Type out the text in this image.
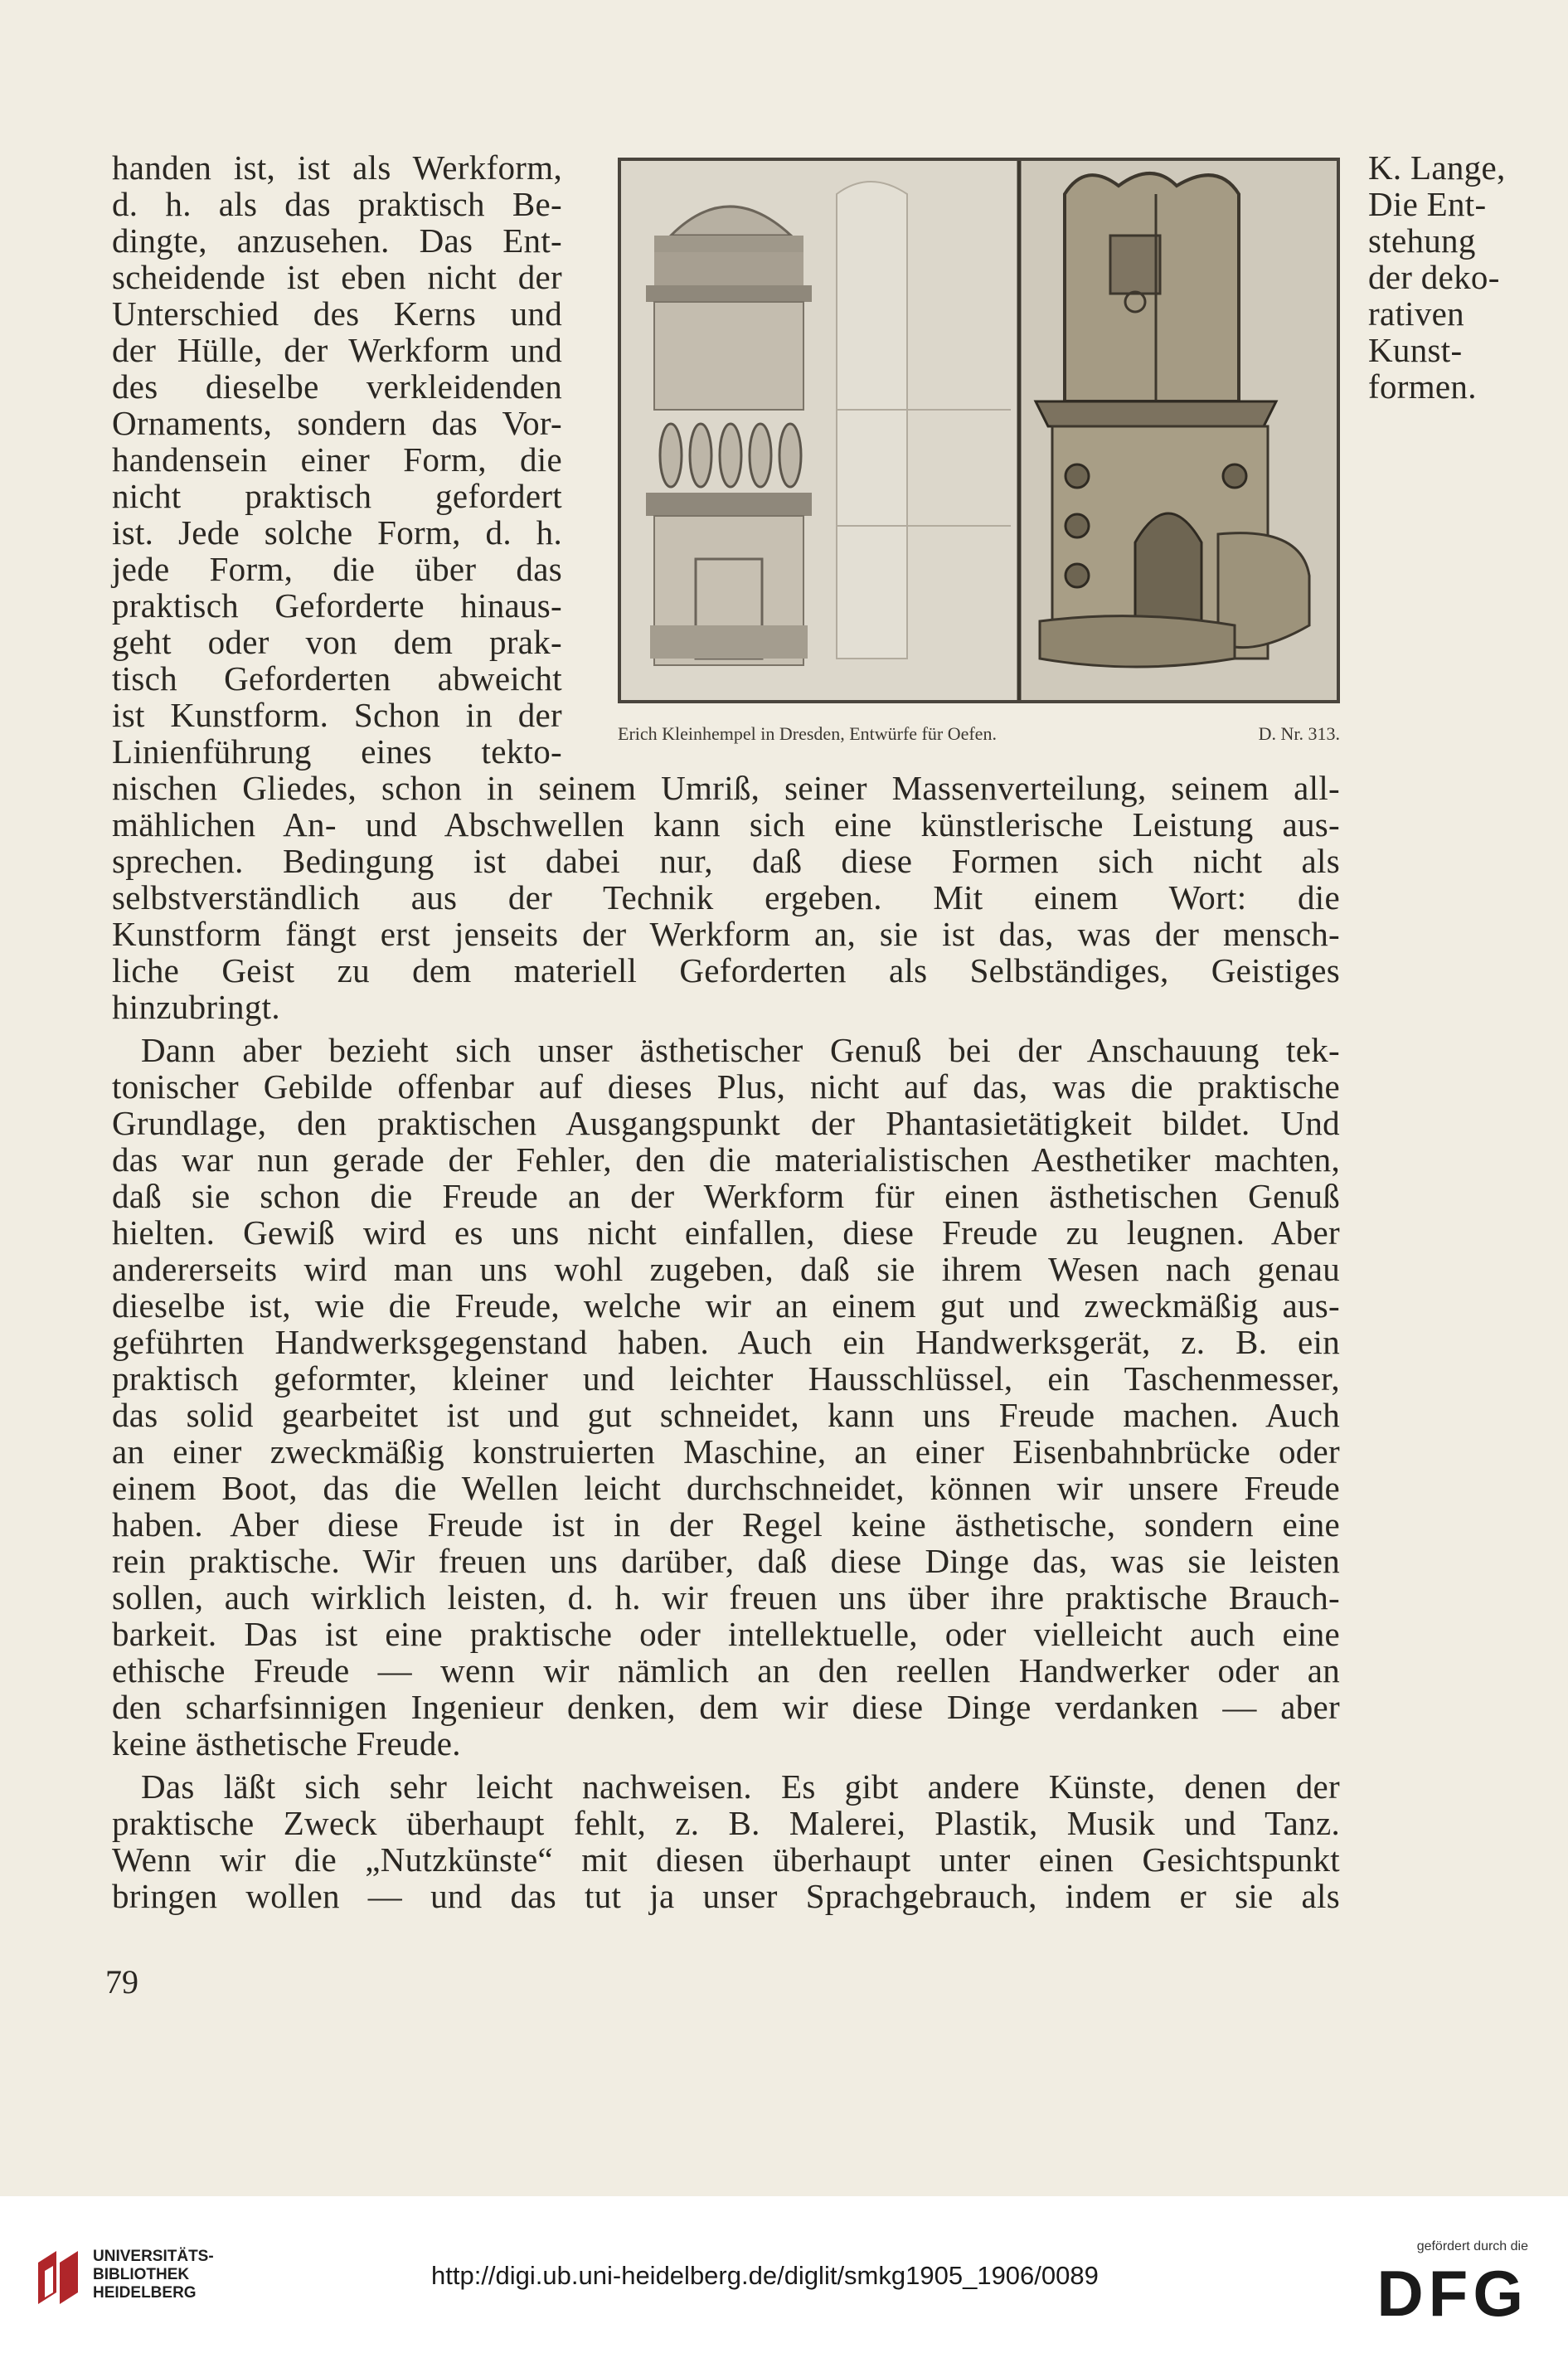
handen ist, ist als Werkform,
d. h. als das praktisch Be-
dingte, anzusehen. Das Ent-
scheidende ist eben nicht der
Unterschied des Kerns und
der Hülle, der Werkform und
des dieselbe verkleidenden
Ornaments, sondern das Vor-
handensein einer Form, die
nicht praktisch gefordert
ist. Jede solche Form, d. h.
jede Form, die über das
praktisch Geforderte hinaus-
geht oder von dem prak-
tisch Geforderten abweicht
ist Kunstform. Schon in der
Linienführung eines tekto-	Erich Kleinhempel in Dresden, Entwürfe für Oefen.	D. Nr. 313.
K. Lange,
Die Ent-
stehung
der deko-
rativen
Kunst-
formen.
nischen Gliedes, schon in seinem Umriß, seiner Massenverteilung, seinem all-
mählichen An- und Abschwellen kann sich eine künstlerische Leistung aus-
sprechen. Bedingung ist dabei nur, daß diese Formen sich nicht als
selbstverständlich aus der Technik ergeben. Mit einem Wort: die
Kunstform fängt erst jenseits der Werkform an, sie ist das, was der mensch-
liche Geist zu dem materiell Geforderten als Selbständiges, Geistiges
hinzubringt.
Dann aber bezieht sich unser ästhetischer Genuß bei der Anschauung tek-
tonischer Gebilde offenbar auf dieses Plus, nicht auf das, was die praktische
Grundlage, den praktischen Ausgangspunkt der Phantasietätigkeit bildet. Und
das war nun gerade der Fehler, den die materialistischen Aesthetiker machten,
daß sie schon die Freude an der Werkform für einen ästhetischen Genuß
hielten. Gewiß wird es uns nicht einfallen, diese Freude zu leugnen. Aber
andererseits wird man uns wohl zugeben, daß sie ihrem Wesen nach genau
dieselbe ist, wie die Freude, welche wir an einem gut und zweckmäßig aus-
geführten Handwerksgegenstand haben. Auch ein Handwerksgerät, z. B. ein
praktisch geformter, kleiner und leichter Hausschlüssel, ein Taschenmesser,
das solid gearbeitet ist und gut schneidet, kann uns Freude machen. Auch
an einer zweckmäßig konstruierten Maschine, an einer Eisenbahnbrücke oder
einem Boot, das die Wellen leicht durchschneidet, können wir unsere Freude
haben. Aber diese Freude ist in der Regel keine ästhetische, sondern eine
rein praktische. Wir freuen uns darüber, daß diese Dinge das, was sie leisten
sollen, auch wirklich leisten, d. h. wir freuen uns über ihre praktische Brauch-
barkeit. Das ist eine praktische oder intellektuelle, oder vielleicht auch eine
ethische Freude — wenn wir nämlich an den reellen Handwerker oder an
den scharfsinnigen Ingenieur denken, dem wir diese Dinge verdanken — aber
keine ästhetische Freude.
Das läßt sich sehr leicht nachweisen. Es gibt andere Künste, denen der
praktische Zweck überhaupt fehlt, z. B. Malerei, Plastik, Musik und Tanz.
Wenn wir die „Nutzkünste“ mit diesen überhaupt unter einen Gesichtspunkt
bringen wollen — und das tut ja unser Sprachgebrauch, indem er sie als
79
UNIVERSITÄTS-
BIBLIOTHEK
HEIDELBERG
http://digi.ub.uni-heidelberg.de/diglit/smkg1905_1906/0089
gefördert durch die
DFG
